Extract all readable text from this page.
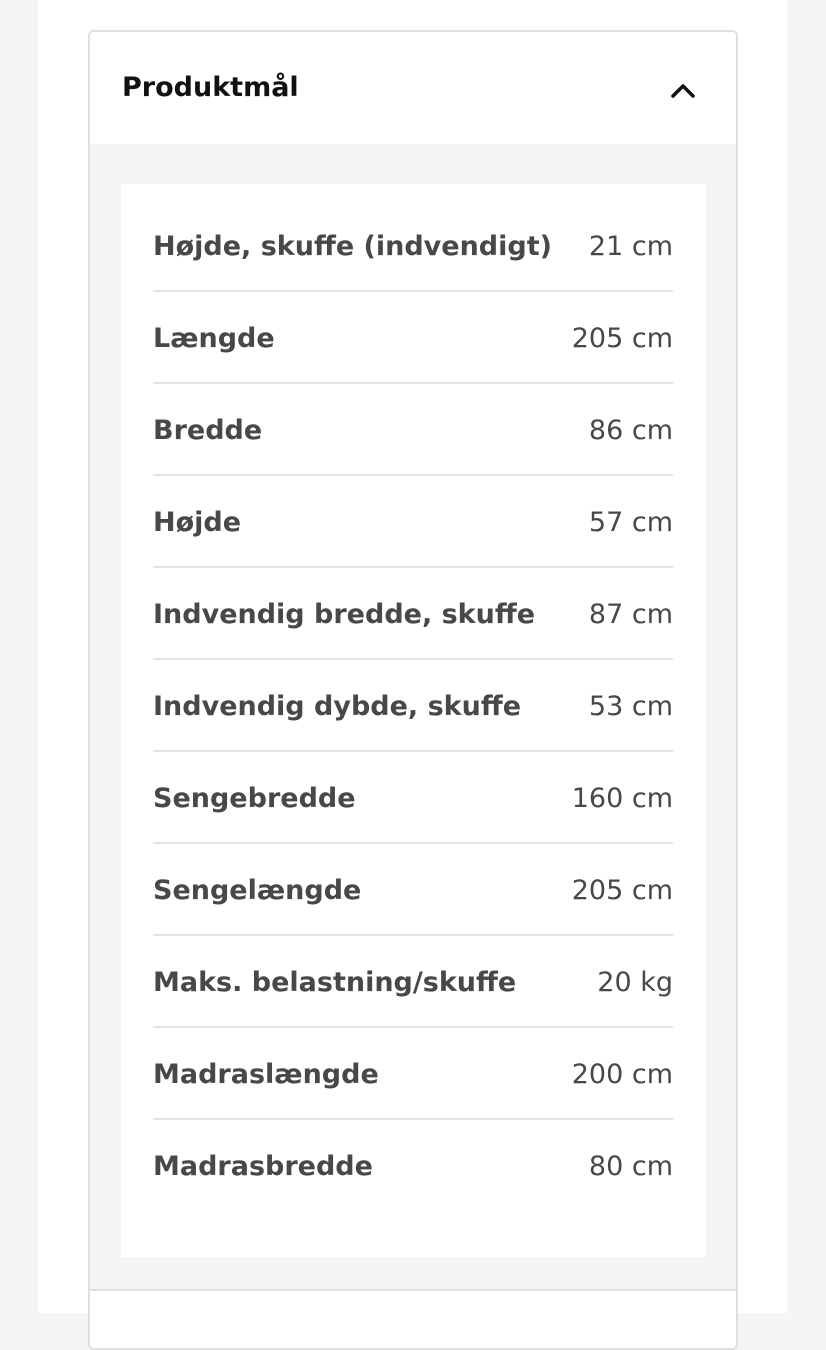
Produktmål
Højde, skuffe (indvendigt) 21 cm
Længde	205 cm
Bredde	86 cm
Højde	57 cm
Indvendig bredde, skuffe 87 cm
Indvendig dybde, skuffe	53 cm
Sengebredde	160 cm
Sengelængde	205 cm
Maks. belastning/skuffe	20 kg
Madraslængde	200 cm
Madrasbredde	80 cm
